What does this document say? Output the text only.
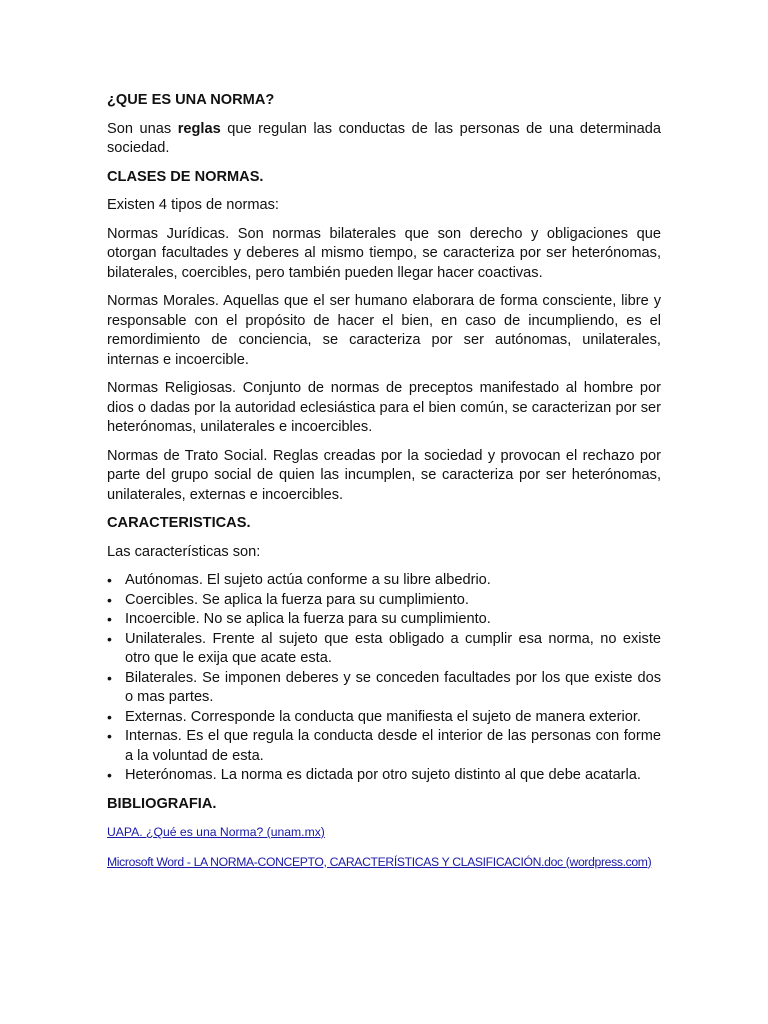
¿QUE ES UNA NORMA?
Son unas reglas que regulan las conductas de las personas de una determinada sociedad.
CLASES DE NORMAS.
Existen 4 tipos de normas:
Normas Jurídicas. Son normas bilaterales que son derecho y obligaciones que otorgan facultades y deberes al mismo tiempo, se caracteriza por ser heterónomas, bilaterales, coercibles, pero también pueden llegar hacer coactivas.
Normas Morales. Aquellas que el ser humano elaborara de forma consciente, libre y responsable con el propósito de hacer el bien, en caso de incumpliendo, es el remordimiento de conciencia, se caracteriza por ser autónomas, unilaterales, internas e incoercible.
Normas Religiosas. Conjunto de normas de preceptos manifestado al hombre por dios o dadas por la autoridad eclesiástica para el bien común, se caracterizan por ser heterónomas, unilaterales e incoercibles.
Normas de Trato Social. Reglas creadas por la sociedad y provocan el rechazo por parte del grupo social de quien las incumplen, se caracteriza por ser heterónomas, unilaterales, externas e incoercibles.
CARACTERISTICAS.
Las características son:
• Autónomas. El sujeto actúa conforme a su libre albedrio.
• Coercibles. Se aplica la fuerza para su cumplimiento.
• Incoercible. No se aplica la fuerza para su cumplimiento.
• Unilaterales. Frente al sujeto que esta obligado a cumplir esa norma, no existe otro que le exija que acate esta.
• Bilaterales. Se imponen deberes y se conceden facultades por los que existe dos o mas partes.
• Externas. Corresponde la conducta que manifiesta el sujeto de manera exterior.
• Internas. Es el que regula la conducta desde el interior de las personas con forme a la voluntad de esta.
• Heterónomas. La norma es dictada por otro sujeto distinto al que debe acatarla.
BIBLIOGRAFIA.
UAPA. ¿Qué es una Norma? (unam.mx)
Microsoft Word - LA NORMA-CONCEPTO, CARACTERÍSTICAS Y CLASIFICACIÓN.doc (wordpress.com)
